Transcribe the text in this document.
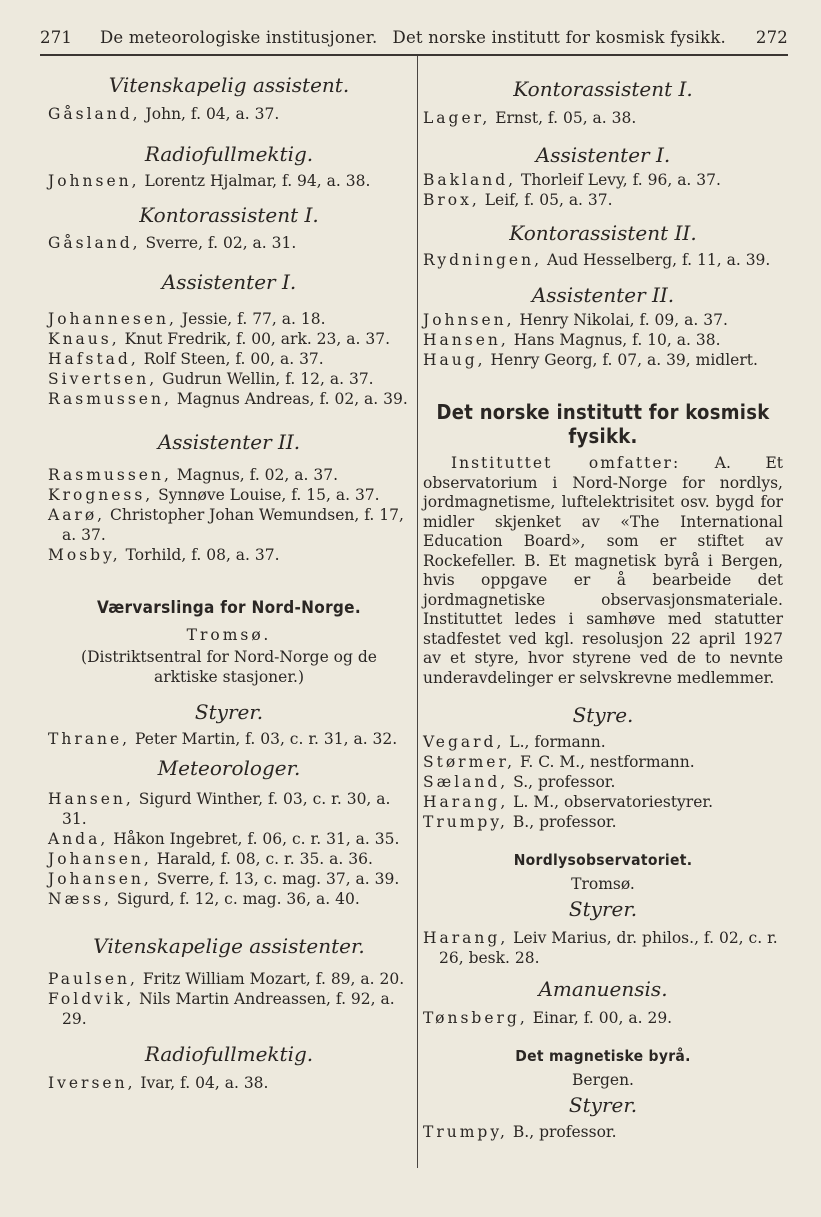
271 De meteorologiske institusjoner. Det norske institutt for kosmisk fysikk. 272

Vitenskapelig assistent.

Gåsland, John, f. 04, a. 37.

Radiofullmektig.

Johnsen, Lorentz Hjalmar, f. 94, a. 38.

Kontorassistent I.

Gåsland, Sverre, f. 02, a. 31.

Assistenter I.

Johannesen, Jessie, f. 77, a. 18.

Knaus, Knut Fredrik, f. 00, ark. 23, a. 37.

Hafstad, Rolf Steen, f. 00, a. 37.

Sivertsen, Gudrun Wellin, f. 12, a. 37.

Rasmussen, Magnus Andreas, f. 02, a. 39.

Assistenter II.

Rasmussen, Magnus, f. 02, a. 37.

Krogness, Synnøve Louise, f. 15, a. 37.

Aarø, Christopher Johan Wemundsen, f. 17, a. 37.

Mosby, Torhild, f. 08, a. 37.

Værvarslinga for Nord-Norge.

Tromsø.

(Distriktsentral for Nord-Norge og de arktiske stasjoner.)

Styrer.

Thrane, Peter Martin, f. 03, c. r. 31, a. 32.

Meteorologer.

Hansen, Sigurd Winther, f. 03, c. r. 30, a. 31.

Anda, Håkon Ingebret, f. 06, c. r. 31, a. 35.

Johansen, Harald, f. 08, c. r. 35. a. 36.

Johansen, Sverre, f. 13, c. mag. 37, a. 39.

Næss, Sigurd, f. 12, c. mag. 36, a. 40.

Vitenskapelige assistenter.

Paulsen, Fritz William Mozart, f. 89, a. 20.

Foldvik, Nils Martin Andreassen, f. 92, a. 29.

Radiofullmektig.

Iversen, Ivar, f. 04, a. 38.

Kontorassistent I.

Lager, Ernst, f. 05, a. 38.

Assistenter I.

Bakland, Thorleif Levy, f. 96, a. 37.

Brox, Leif, f. 05, a. 37.

Kontorassistent II.

Rydningen, Aud Hesselberg, f. 11, a. 39.

Assistenter II.

Johnsen, Henry Nikolai, f. 09, a. 37.

Hansen, Hans Magnus, f. 10, a. 38.

Haug, Henry Georg, f. 07, a. 39, midlert.

Det norske institutt for kosmisk fysikk.

Instituttet omfatter: A. Et observatorium i Nord-Norge for nordlys, jordmagnetisme, luftelektrisitet osv. bygd for midler skjenket av «The International Education Board», som er stiftet av Rockefeller. B. Et magnetisk byrå i Bergen, hvis oppgave er å bearbeide det jordmagnetiske observasjonsmateriale. Instituttet ledes i samhøve med statutter stadfestet ved kgl. resolusjon 22 april 1927 av et styre, hvor styrene ved de to nevnte underavdelinger er selvskrevne medlemmer.

Styre.

Vegard, L., formann.

Størmer, F. C. M., nestformann.

Sæland, S., professor.

Harang, L. M., observatoriestyrer.

Trumpy, B., professor.

Nordlysobservatoriet.

Tromsø.

Styrer.

Harang, Leiv Marius, dr. philos., f. 02, c. r. 26, besk. 28.

Amanuensis.

Tønsberg, Einar, f. 00, a. 29.

Det magnetiske byrå.

Bergen.

Styrer.

Trumpy, B., professor.
